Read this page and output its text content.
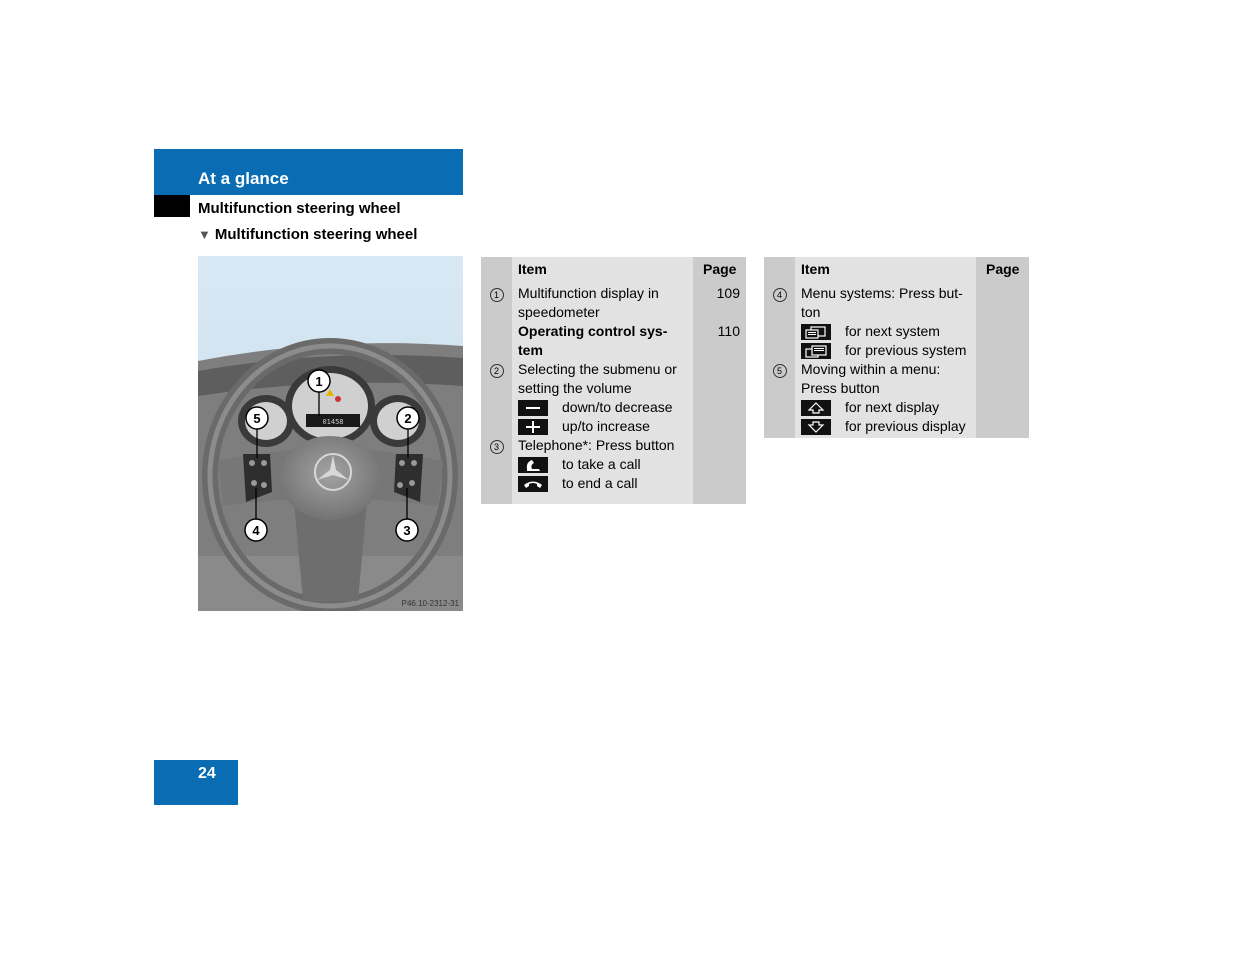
At a glance
Multifunction steering wheel
▼ Multifunction steering wheel
01458
1
5	2
4	3
P46.10-2312-31
	Item	Page
1	Multifunction display in speedometer	109
	Operating control sys-tem	110
2	Selecting the submenu or setting the volume	

down/to decrease	

up/to increase	
3	Telephone*: Press button	

to take a call	

to end a call	

	Item	Page
4	Menu systems: Press but-ton	

for next system	

for previous system	
5	Moving within a menu: Press button	

for next display	

for previous display	

24
